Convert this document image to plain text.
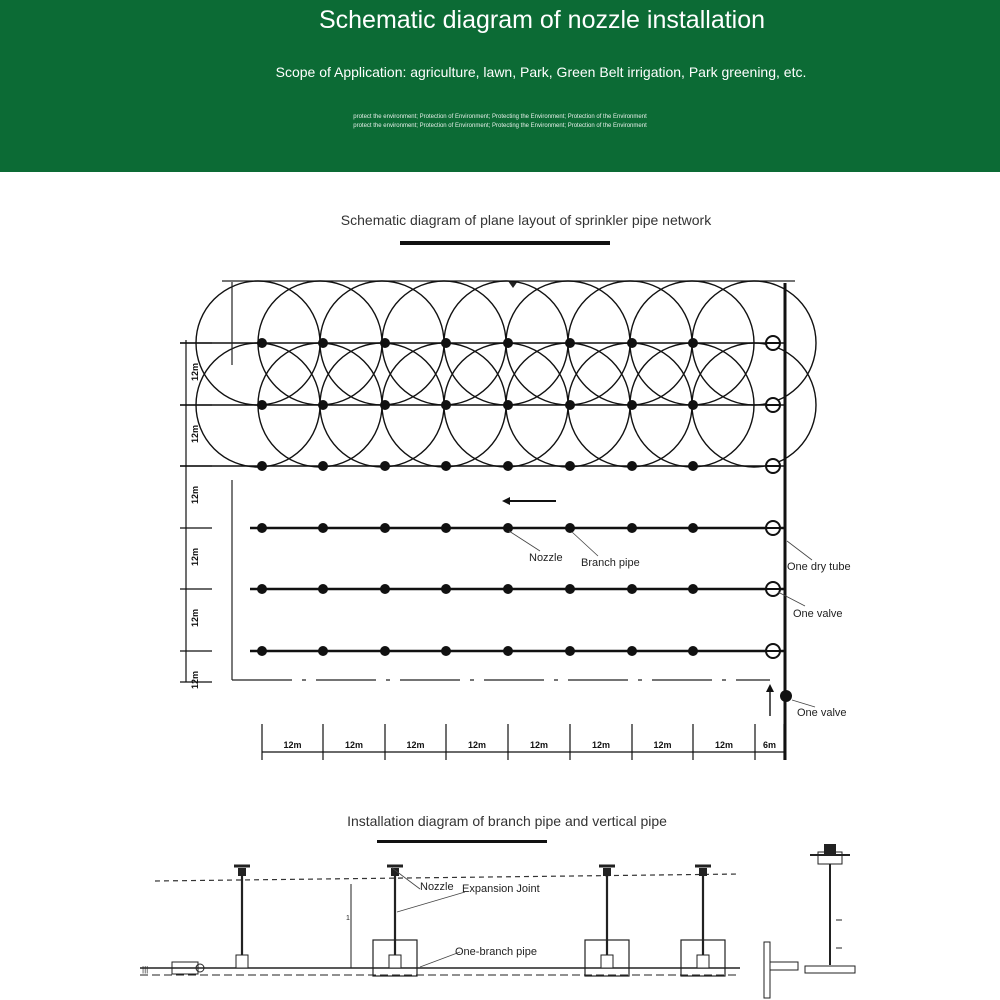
Schematic diagram of nozzle installation
Scope of Application: agriculture, lawn, Park, Green Belt irrigation, Park greening, etc.
protect the environment; Protection of Environment; Protecting the Environment; Protection of the Environment
protect the environment; Protection of Environment; Protecting the Environment; Protection of the Environment
Schematic diagram of plane layout of sprinkler pipe network
Installation diagram of branch pipe and vertical pipe
12m
12m
12m
12m
12m
12m
12m	12m	12m	12m	12m	12m	12m	12m	6m
Nozzle Branch pipe	One dry tube
One valve
One valve
|||
1
Nozzle Expansion Joint
One-branch pipe
